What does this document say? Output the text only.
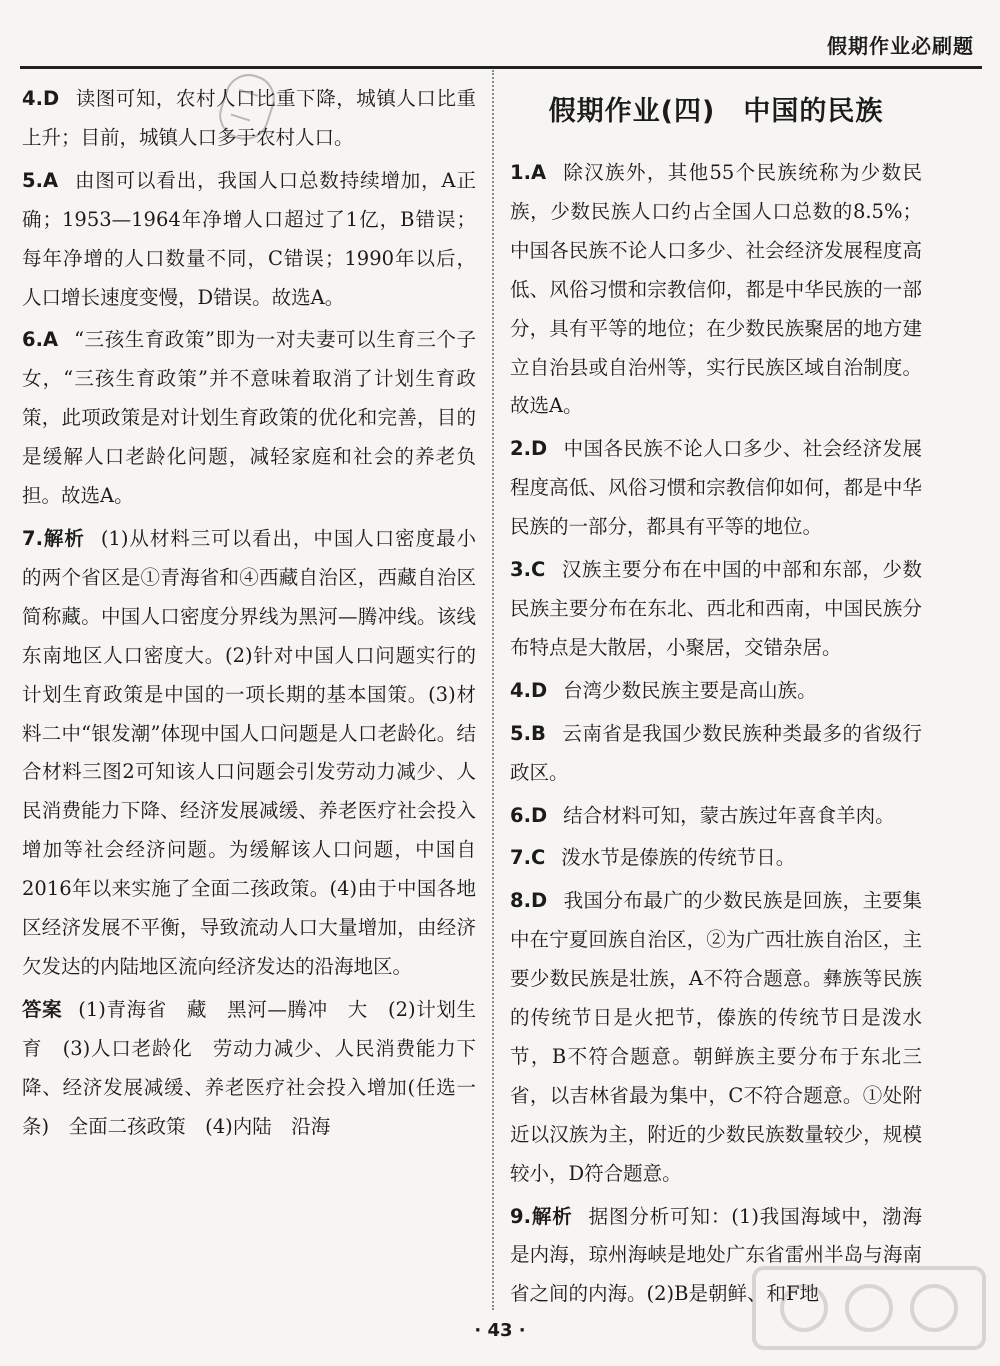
假期作业必刷题

4.D 读图可知，农村人口比重下降，城镇人口比重上升；目前，城镇人口多于农村人口。

5.A 由图可以看出，我国人口总数持续增加，A正确；1953—1964年净增人口超过了1亿，B错误；每年净增的人口数量不同，C错误；1990年以后，人口增长速度变慢，D错误。故选A。

6.A “三孩生育政策”即为一对夫妻可以生育三个子女，“三孩生育政策”并不意味着取消了计划生育政策，此项政策是对计划生育政策的优化和完善，目的是缓解人口老龄化问题，减轻家庭和社会的养老负担。故选A。

7.解析 (1)从材料三可以看出，中国人口密度最小的两个省区是①青海省和④西藏自治区，西藏自治区简称藏。中国人口密度分界线为黑河—腾冲线。该线东南地区人口密度大。(2)针对中国人口问题实行的计划生育政策是中国的一项长期的基本国策。(3)材料二中“银发潮”体现中国人口问题是人口老龄化。结合材料三图2可知该人口问题会引发劳动力减少、人民消费能力下降、经济发展减缓、养老医疗社会投入增加等社会经济问题。为缓解该人口问题，中国自2016年以来实施了全面二孩政策。(4)由于中国各地区经济发展不平衡，导致流动人口大量增加，由经济欠发达的内陆地区流向经济发达的沿海地区。

答案 (1)青海省　藏　黑河—腾冲　大　(2)计划生育　(3)人口老龄化　劳动力减少、人民消费能力下降、经济发展减缓、养老医疗社会投入增加(任选一条)　全面二孩政策　(4)内陆　沿海

假期作业(四)　中国的民族

1.A 除汉族外，其他55个民族统称为少数民族，少数民族人口约占全国人口总数的8.5%；中国各民族不论人口多少、社会经济发展程度高低、风俗习惯和宗教信仰，都是中华民族的一部分，具有平等的地位；在少数民族聚居的地方建立自治县或自治州等，实行民族区域自治制度。故选A。

2.D 中国各民族不论人口多少、社会经济发展程度高低、风俗习惯和宗教信仰如何，都是中华民族的一部分，都具有平等的地位。

3.C 汉族主要分布在中国的中部和东部，少数民族主要分布在东北、西北和西南，中国民族分布特点是大散居，小聚居，交错杂居。

4.D 台湾少数民族主要是高山族。

5.B 云南省是我国少数民族种类最多的省级行政区。

6.D 结合材料可知，蒙古族过年喜食羊肉。

7.C 泼水节是傣族的传统节日。

8.D 我国分布最广的少数民族是回族，主要集中在宁夏回族自治区，②为广西壮族自治区，主要少数民族是壮族，A不符合题意。彝族等民族的传统节日是火把节，傣族的传统节日是泼水节，B不符合题意。朝鲜族主要分布于东北三省，以吉林省最为集中，C不符合题意。①处附近以汉族为主，附近的少数民族数量较少，规模较小，D符合题意。

9.解析 据图分析可知：(1)我国海域中，渤海是内海，琼州海峡是地处广东省雷州半岛与海南省之间的内海。(2)B是朝鲜、和F地

· 43 ·
